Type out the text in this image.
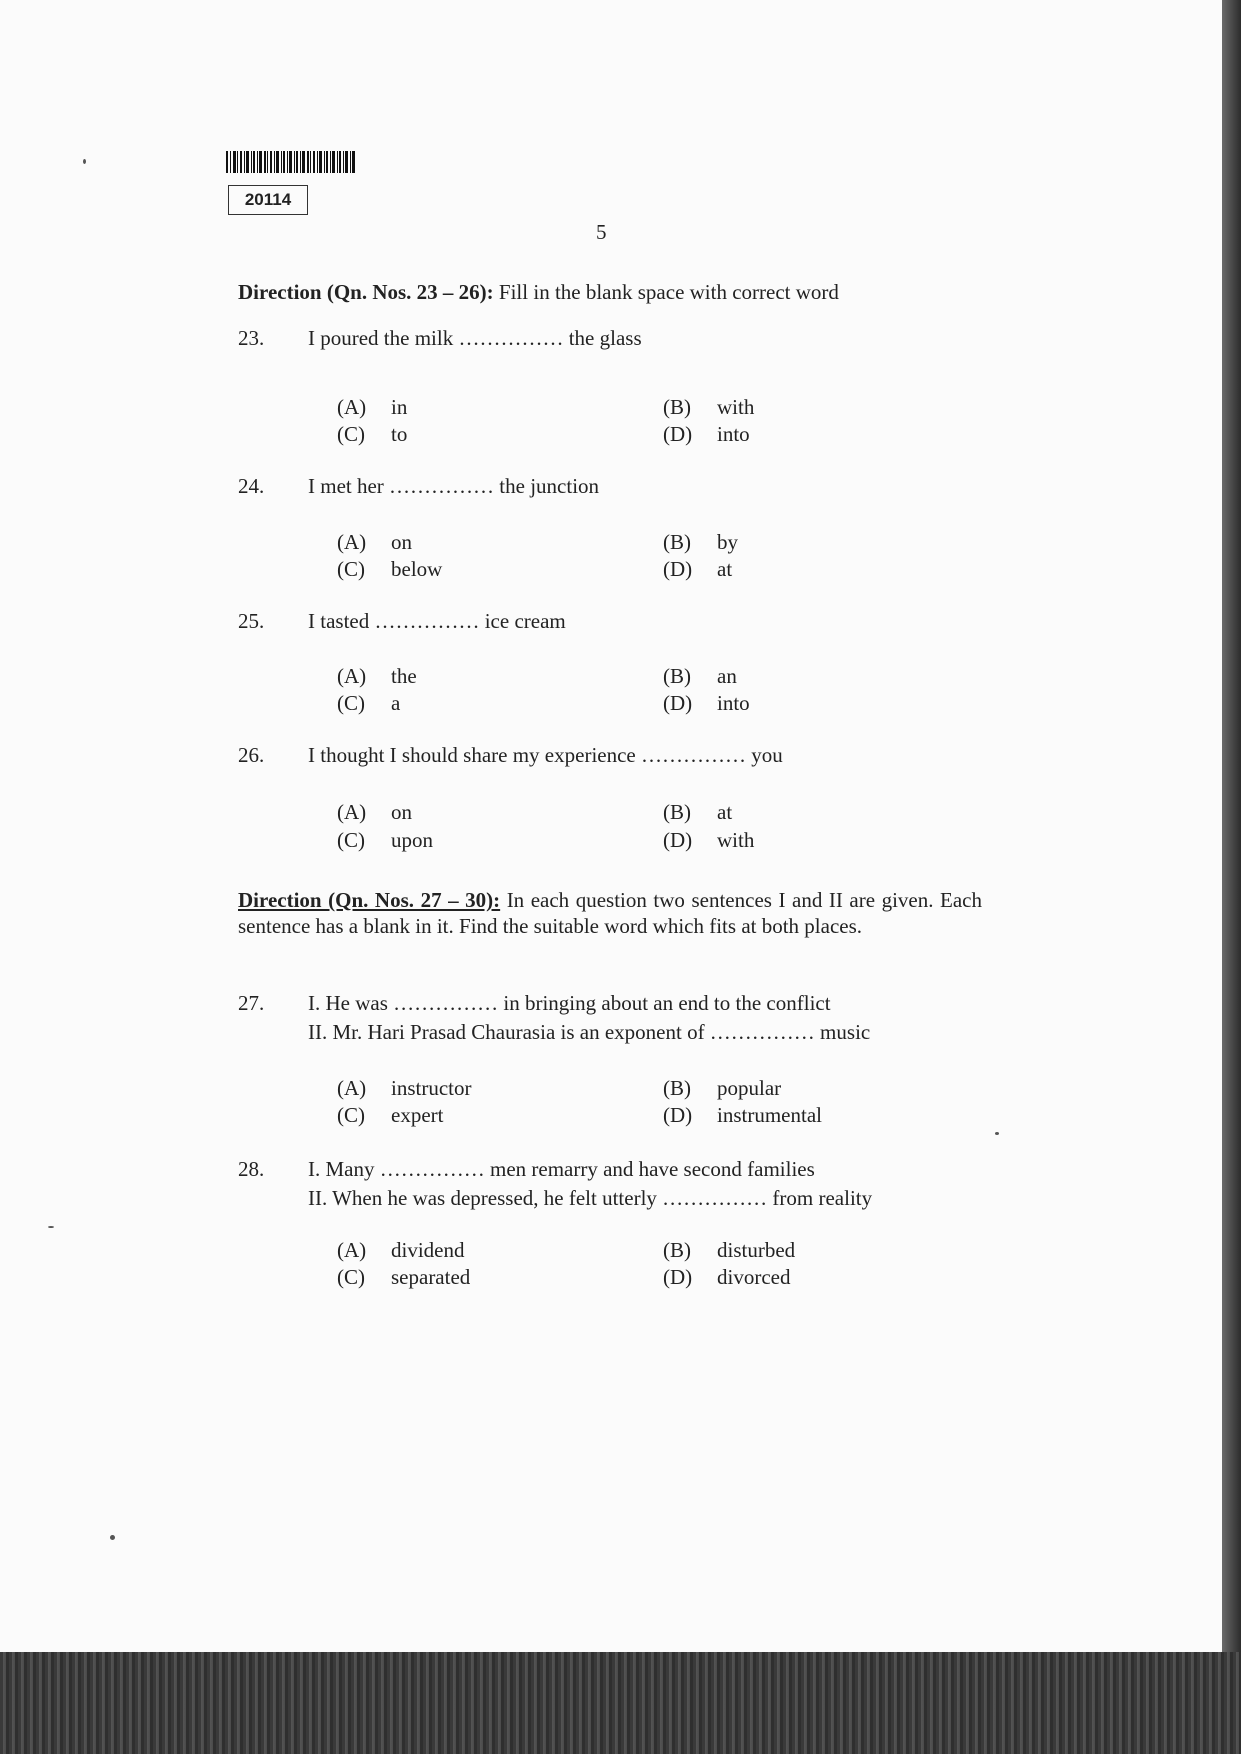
20114
5
Direction (Qn. Nos. 23 – 26): Fill in the blank space with correct word
23. I poured the milk …………… the glass
(A) in	(B) with
(C) to	(D) into
24. I met her …………… the junction
(A) on	(B) by
(C) below	(D) at
25. I tasted …………… ice cream
(A) the	(B) an
(C) a	(D) into
26. I thought I should share my experience …………… you
(A) on	(B) at
(C) upon	(D) with
27. I. He was …………… in bringing about an end to the conflict
II. Mr. Hari Prasad Chaurasia is an exponent of …………… music
(A) instructor	(B) popular
(C) expert	(D) instrumental
28. I. Many …………… men remarry and have second families
II. When he was depressed, he felt utterly …………… from reality
(A) dividend	(B) disturbed
(C) separated	(D) divorced
Direction (Qn. Nos. 27 – 30): In each question two sentences I and II are given. Each sentence has a blank in it. Find the suitable word which fits at both places.
